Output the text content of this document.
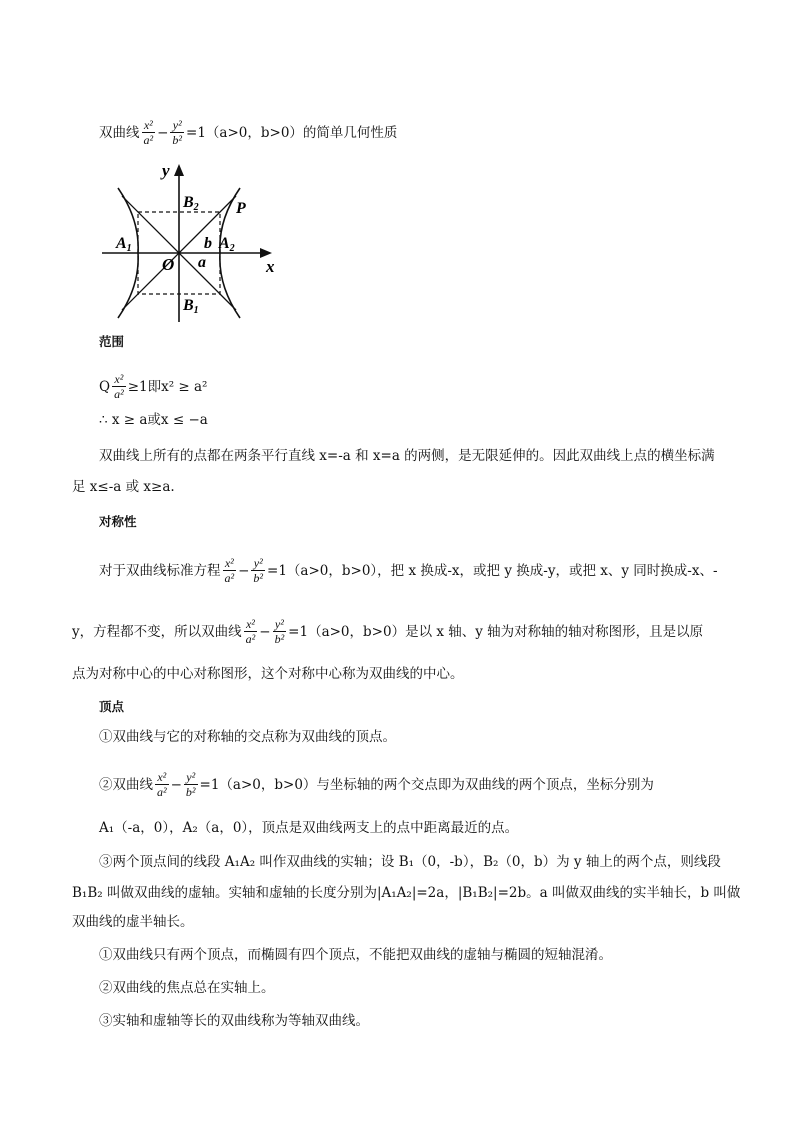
双曲线 $\frac{\text{x²}}{\text{a²}} - \frac{\text{y²}}{\text{b²}} =1(a>0$，b>0）的简单几何性质
y
x
O a
b
P
A1	A2
B2
B1
范围
Q $\frac{\text{x²}}{\text{a²}} \ge 1$即x² ≥ a²
∴ x ≥ a或x ≤ −a
双曲线上所有的点都在两条平行直线 x=-a 和 x=a 的两侧，是无限延伸的。因此双曲线上点的横坐标满
足 x≤-a 或 x≥a.
对称性
对于双曲线标准方程 $\frac{\text{x²}}{\text{a²}} - \frac{\text{y²}}{\text{b²}} =1(a>0$，b>0），把 x 换成-x，或把 y 换成-y，或把 x、y 同时换成-x、-
y，方程都不变，所以双曲线 $\frac{\text{x²}}{\text{a²}} - \frac{\text{y²}}{\text{b²}} =1(a>0$，b>0）是以 x 轴、y 轴为对称轴的轴对称图形，且是以原
点为对称中心的中心对称图形，这个对称中心称为双曲线的中心。
顶点
①双曲线与它的对称轴的交点称为双曲线的顶点。
②双曲线 $\frac{\text{x²}}{\text{a²}} - \frac{\text{y²}}{\text{b²}} =1(a>0$，b>0）与坐标轴的两个交点即为双曲线的两个顶点，坐标分别为
A₁（-a，0），A₂（a，0），顶点是双曲线两支上的点中距离最近的点。
③两个顶点间的线段 A₁A₂ 叫作双曲线的实轴；设 B₁（0，-b），B₂（0，b）为 y 轴上的两个点，则线段
B₁B₂ 叫做双曲线的虚轴。实轴和虚轴的长度分别为|A₁A₂|=2a，|B₁B₂|=2b。a 叫做双曲线的实半轴长，b 叫做
双曲线的虚半轴长。
①双曲线只有两个顶点，而椭圆有四个顶点，不能把双曲线的虚轴与椭圆的短轴混淆。
②双曲线的焦点总在实轴上。
③实轴和虚轴等长的双曲线称为等轴双曲线。
